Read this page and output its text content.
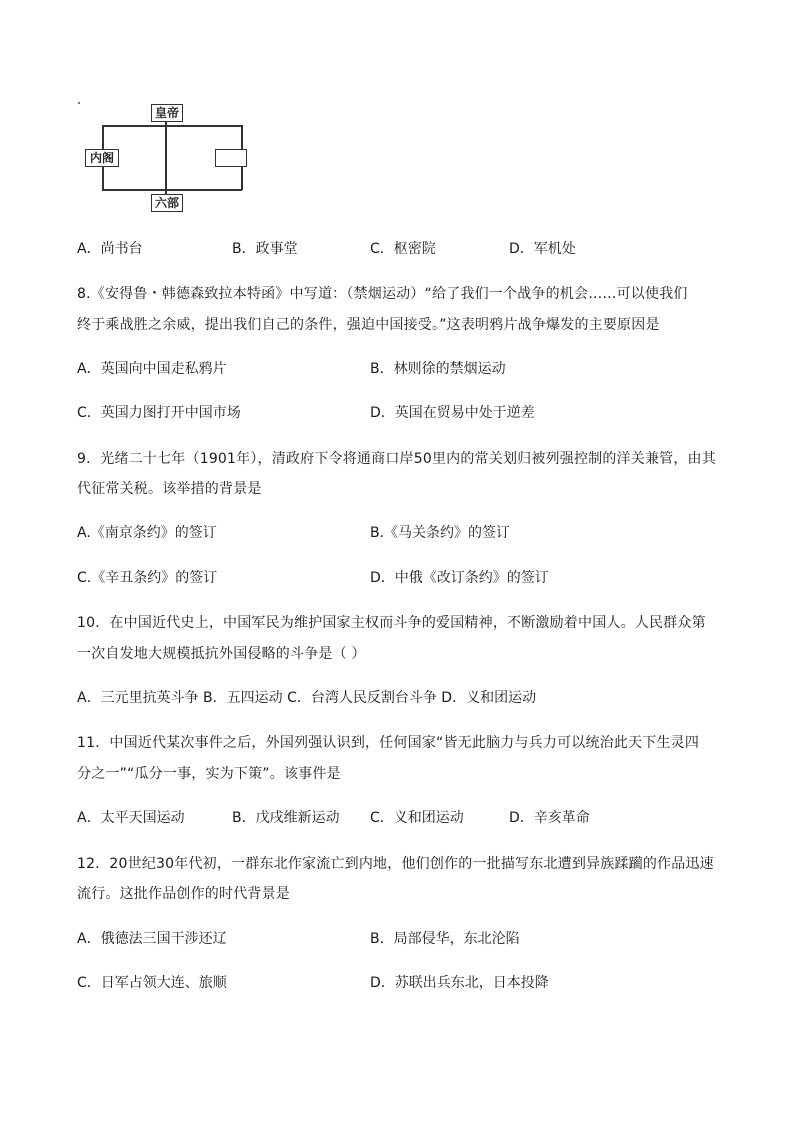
皇帝
内阁
六部
A．尚书台	B．政事堂	C．枢密院	D．军机处
8.《安得鲁・韩德森致拉本特函》中写道：（禁烟运动）“给了我们一个战争的机会……可以使我们
终于乘战胜之余威，提出我们自己的条件，强迫中国接受。”这表明鸦片战争爆发的主要原因是
A．英国向中国走私鸦片	B．林则徐的禁烟运动
C．英国力图打开中国市场	D．英国在贸易中处于逆差
9．光绪二十七年（1901年），清政府下令将通商口岸50里内的常关划归被列强控制的洋关兼管，由其
代征常关税。该举措的背景是
A.《南京条约》的签订	B.《马关条约》的签订
C.《辛丑条约》的签订	D．中俄《改订条约》的签订
10．在中国近代史上，中国军民为维护国家主权而斗争的爱国精神，不断激励着中国人。人民群众第
一次自发地大规模抵抗外国侵略的斗争是（ ）
A．三元里抗英斗争 B．五四运动 C．台湾人民反割台斗争 D．义和团运动
11．中国近代某次事件之后，外国列强认识到，任何国家“皆无此脑力与兵力可以统治此天下生灵四
分之一”“瓜分一事，实为下策”。该事件是
A．太平天国运动	B．戊戌维新运动 C．义和团运动	D．辛亥革命
12．20世纪30年代初，一群东北作家流亡到内地，他们创作的一批描写东北遭到异族蹂躏的作品迅速
流行。这批作品创作的时代背景是
A．俄德法三国干涉还辽	B．局部侵华，东北沦陷
C．日军占领大连、旅顺	D．苏联出兵东北，日本投降
